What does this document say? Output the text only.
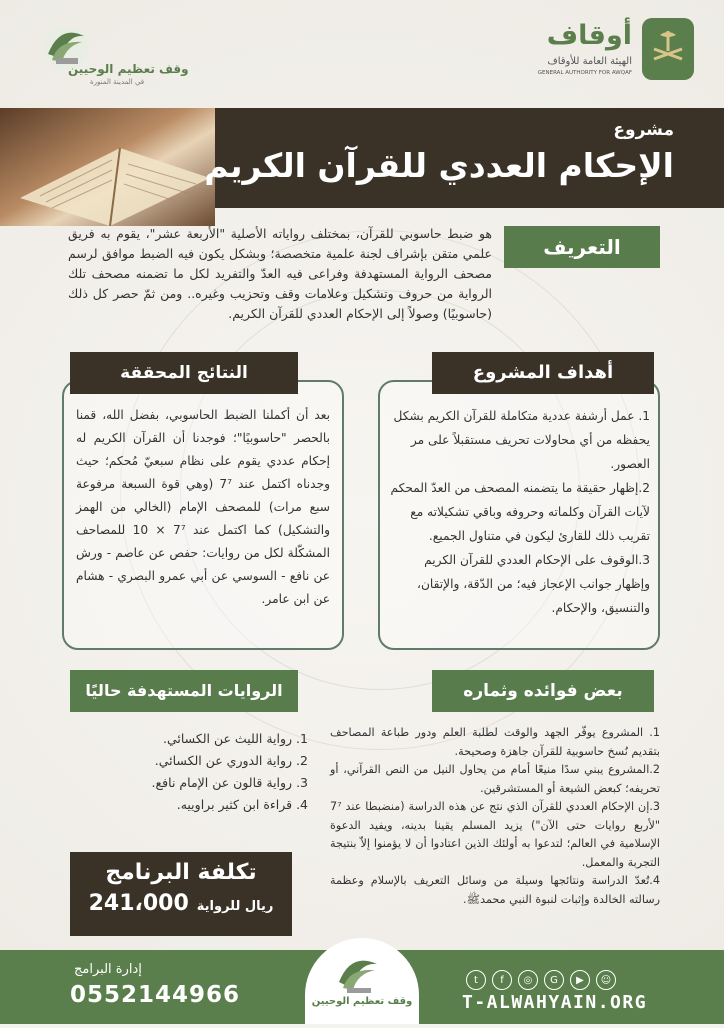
وقف تعظيم الوحيين
في المدينة المنورة
أوقاف
الهيئة العامة للأوقاف
GENERAL AUTHORITY FOR AWQAF
مشروع
الإحكام العددي للقرآن الكريم
التعريف
هو ضبط حاسوبي للقرآن، بمختلف رواياته الأصلية "الأربعة عشر"، يقوم به فريق علمي متقن بإشراف لجنة علمية متخصصة؛ وبشكل يكون فيه الضبط موافق لرسم مصحف الرواية المستهدفة وفراعى فيه العدّ والتفريد لكل ما تضمنه مصحف تلك الرواية من حروف وتشكيل وعلامات وقف وتحزيب وغيره.. ومن ثمّ حصر كل ذلك (حاسوبيًا) وصولاً إلى الإحكام العددي للقرآن الكريم.
أهداف المشروع
1. عمل أرشفة عددية متكاملة للقرآن الكريم بشكل يحفظه من أي محاولات تحريف مستقبلاً على مر العصور.
2.إظهار حقيقة ما يتضمنه المصحف من العدّ المحكم لآيات القرآن وكلماته وحروفه وباقي تشكيلاته مع تقريب ذلك للقارئ ليكون في متناول الجميع.
3.الوقوف على الإحكام العددي للقرآن الكريم وإظهار جوانب الإعجاز فيه؛ من الدّقة، والإتقان، والتنسيق، والإحكام.
النتائج المحققة
بعد أن أكملنا الضبط الحاسوبي، بفضل الله، قمنا بالحصر "حاسوبيًا"؛ فوجدنا أن القرآن الكريم له إحكام عددي يقوم على نظام سبعيّ مُحكم؛ حيث وجدناه اكتمل عند 7⁷ (وهي قوة السبعة مرفوعة سبع مرات) للمصحف الإمام (الخالي من الهمز والتشكيل) كما اكتمل عند 7⁷ × 10 للمصاحف المشكّلة لكل من روايات: حفص عن عاصم - ورش عن نافع - السوسي عن أبي عمرو البصري - هشام عن ابن عامر.
الروايات المستهدفة حاليًا
1. رواية الليث عن الكسائي.
2. رواية الدوري عن الكسائي.
3. رواية قالون عن الإمام نافع.
4. قراءة ابن كثير براوييه.
بعض فوائده وثماره
1. المشروع يوفّر الجهد والوقت لطلبة العلم ودور طباعة المصاحف بتقديم نُسخ حاسوبية للقرآن جاهزة وصحيحة.
2.المشروع يبني سدًا منيعًا أمام من يحاول النيل من النص القرآني، أو تحريفه؛ كبعض الشيعة أو المستشرقين.
3.إن الإحكام العددي للقرآن الذي نتج عن هذه الدراسة (منضبطا عند 7⁷ "لأربع روايات حتى الآن") يزيد المسلم يقينا بدينه، ويفيد الدعوة الإسلامية في العالم؛ لتدعوا به أولئك الذين اعتادوا أن لا يؤمنوا إلاّ بنتيجة التجربة والمعمل.
4.تُعدّ الدراسة ونتائجها وسيلة من وسائل التعريف بالإسلام وعظمة رسالته الخالدة وإثبات لنبوة النبي محمدﷺ.
تكلفة البرنامج
ريال للرواية
241،000
وقف تعظيم الوحيين
إدارة البرامج
0552144966
t	f	◎	G	▶	☺
T-ALWAHYAIN.ORG
